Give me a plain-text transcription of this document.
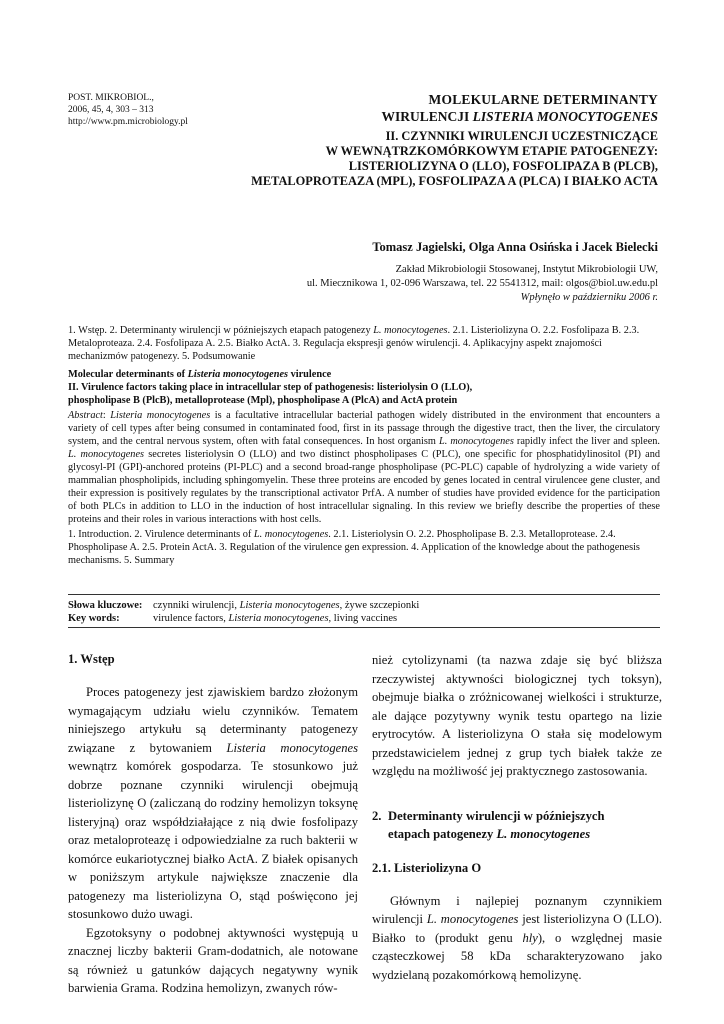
POST. MIKROBIOL.,
2006, 45, 4, 303 – 313
http://www.pm.microbiology.pl
MOLEKULARNE DETERMINANTY
WIRULENCJI LISTERIA MONOCYTOGENES
II. CZYNNIKI WIRULENCJI UCZESTNICZĄCE
W WEWNĄTRZKOMÓRKOWYM ETAPIE PATOGENEZY:
LISTERIOLIZYNA O (LLO), FOSFOLIPAZA B (PLCB),
METALOPROTEAZA (MPL), FOSFOLIPAZA A (PLCA) I BIAŁKO ACTA
Tomasz Jagielski, Olga Anna Osińska i Jacek Bielecki
Zakład Mikrobiologii Stosowanej, Instytut Mikrobiologii UW,
ul. Miecznikowa 1, 02-096 Warszawa, tel. 22 5541312, mail: olgos@biol.uw.edu.pl
Wpłynęło w październiku 2006 r.
1. Wstęp. 2. Determinanty wirulencji w późniejszych etapach patogenezy L. monocytogenes. 2.1. Listeriolizyna O. 2.2. Fosfolipaza B. 2.3. Metaloproteaza. 2.4. Fosfolipaza A. 2.5. Białko ActA. 3. Regulacja ekspresji genów wirulencji. 4. Aplikacyjny aspekt znajomości mechanizmów patogenezy. 5. Podsumowanie
Molecular determinants of Listeria monocytogenes virulence
II. Virulence factors taking place in intracellular step of pathogenesis: listeriolysin O (LLO),
phospholipase B (PlcB), metalloprotease (Mpl), phospholipase A (PlcA) and ActA protein
Abstract: Listeria monocytogenes is a facultative intracellular bacterial pathogen widely distributed in the environment that encounters a variety of cell types after being consumed in contaminated food, first in its passage through the digestive tract, then the liver, the circulatory system, and the central nervous system, often with fatal consequences. In host organism L. monocytogenes rapidly infect the liver and spleen. L. monocytogenes secretes listeriolysin O (LLO) and two distinct phospholipases C (PLC), one specific for phosphatidylinositol (PI) and glycosyl-PI (GPI)-anchored proteins (PI-PLC) and a second broad-range phospholipase (PC-PLC) capable of hydrolyzing a wide variety of mammalian phospholipids, including sphingomyelin. These three proteins are encoded by genes located in central virulencee gene cluster, and their expression is positively regulates by the transcriptional activator PrfA. A number of studies have provided evidence for the participation of both PLCs in addition to LLO in the induction of host intracellular signaling. In this review we briefly describe the properties of these proteins and their roles in various interactions with host cells.
1. Introduction. 2. Virulence determinants of L. monocytogenes. 2.1. Listeriolysin O. 2.2. Phospholipase B. 2.3. Metalloprotease. 2.4. Phospholipase A. 2.5. Protein ActA. 3. Regulation of the virulence gen expression. 4. Application of the knowledge about the pathogenesis mechanisms. 5. Summary
Słowa kluczowe:	czynniki wirulencji, Listeria monocytogenes, żywe szczepionki
Key words:	virulence factors, Listeria monocytogenes, living vaccines
1. Wstęp

Proces patogenezy jest zjawiskiem bardzo złożonym wymagającym udziału wielu czynników. Tematem niniejszego artykułu są determinanty patogenezy związane z bytowaniem Listeria monocytogenes wewnątrz komórek gospodarza. Te stosunkowo już dobrze poznane czynniki wirulencji obejmują listeriolizynę O (zaliczaną do rodziny hemolizyn toksynę listeryjną) oraz współdziałające z nią dwie fosfolipazy oraz metaloproteazę i odpowiedzialne za ruch bakterii w komórce eukariotycznej białko ActA. Z białek opisanych w poniższym artykule największe znaczenie dla patogenezy ma listeriolizyna O, stąd poświęcono jej stosunkowo dużo uwagi.

Egzotoksyny o podobnej aktywności występują u znacznej liczby bakterii Gram-dodatnich, ale notowane są również u gatunków dających negatywny wynik barwienia Grama. Rodzina hemolizyn, zwanych rów-

nież cytolizynami (ta nazwa zdaje się być bliższa rzeczywistej aktywności biologicznej tych toksyn), obejmuje białka o zróżnicowanej wielkości i strukturze, ale dające pozytywny wynik testu opartego na lizie erytrocytów. A listeriolizyna O stała się modelowym przedstawicielem jednej z grup tych białek także ze względu na możliwość jej praktycznego zastosowania.

2. Determinanty wirulencji w późniejszych
etapach patogenezy L. monocytogenes
2.1. Listeriolizyna O

Głównym i najlepiej poznanym czynnikiem wirulencji L. monocytogenes jest listeriolizyna O (LLO). Białko to (produkt genu hly), o względnej masie cząsteczkowej 58 kDa scharakteryzowano jako wydzielaną pozakomórkową hemolizynę.
